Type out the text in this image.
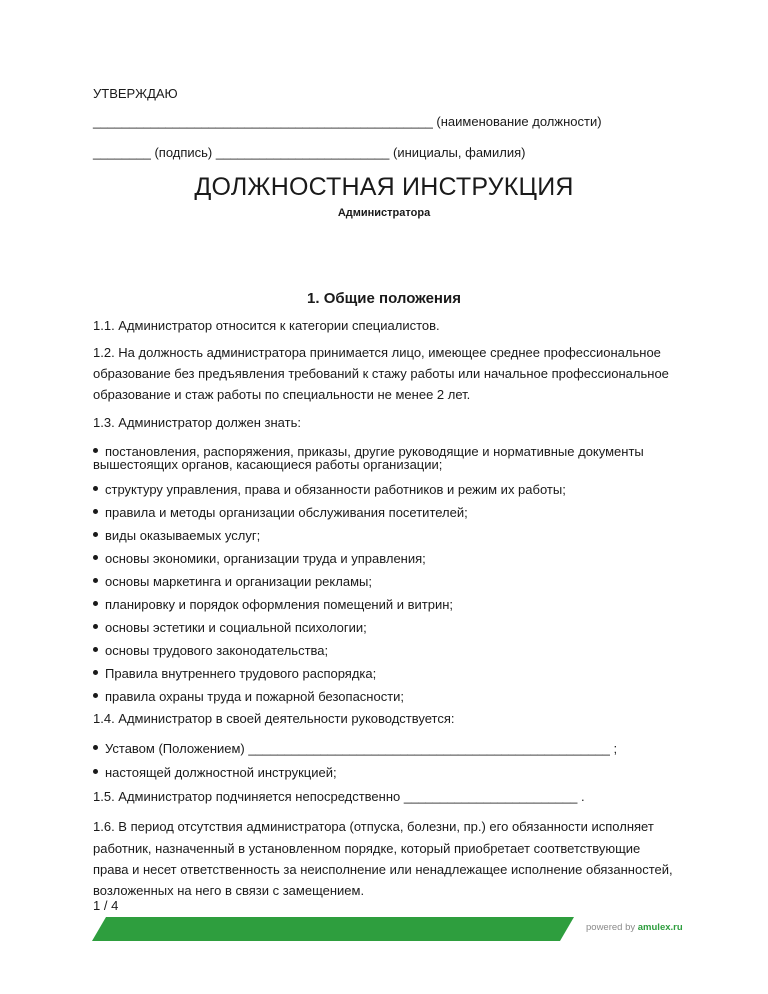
УТВЕРЖДАЮ
_______________________________________________ (наименование должности)
________ (подпись) ________________________ (инициалы, фамилия)
ДОЛЖНОСТНАЯ ИНСТРУКЦИЯ
Администратора
1. Общие положения
1.1. Администратор относится к категории специалистов.
1.2. На должность администратора принимается лицо, имеющее среднее профессиональное
образование без предъявления требований к стажу работы или начальное профессиональное
образование и стаж работы по специальности не менее 2 лет.
1.3. Администратор должен знать:
постановления, распоряжения, приказы, другие руководящие и нормативные документы вышестоящих органов, касающиеся работы организации;
структуру управления, права и обязанности работников и режим их работы;
правила и методы организации обслуживания посетителей;
виды оказываемых услуг;
основы экономики, организации труда и управления;
основы маркетинга и организации рекламы;
планировку и порядок оформления помещений и витрин;
основы эстетики и социальной психологии;
основы трудового законодательства;
Правила внутреннего трудового распорядка;
правила охраны труда и пожарной безопасности;
1.4. Администратор в своей деятельности руководствуется:
Уставом (Положением) __________________________________________________ ;
настоящей должностной инструкцией;
1.5. Администратор подчиняется непосредственно ________________________ .
1.6. В период отсутствия администратора (отпуска, болезни, пр.) его обязанности исполняет
работник, назначенный в установленном порядке, который приобретает соответствующие
права и несет ответственность за неисполнение или ненадлежащее исполнение обязанностей,
возложенных на него в связи с замещением.
1 / 4
powered by amulex.ru
